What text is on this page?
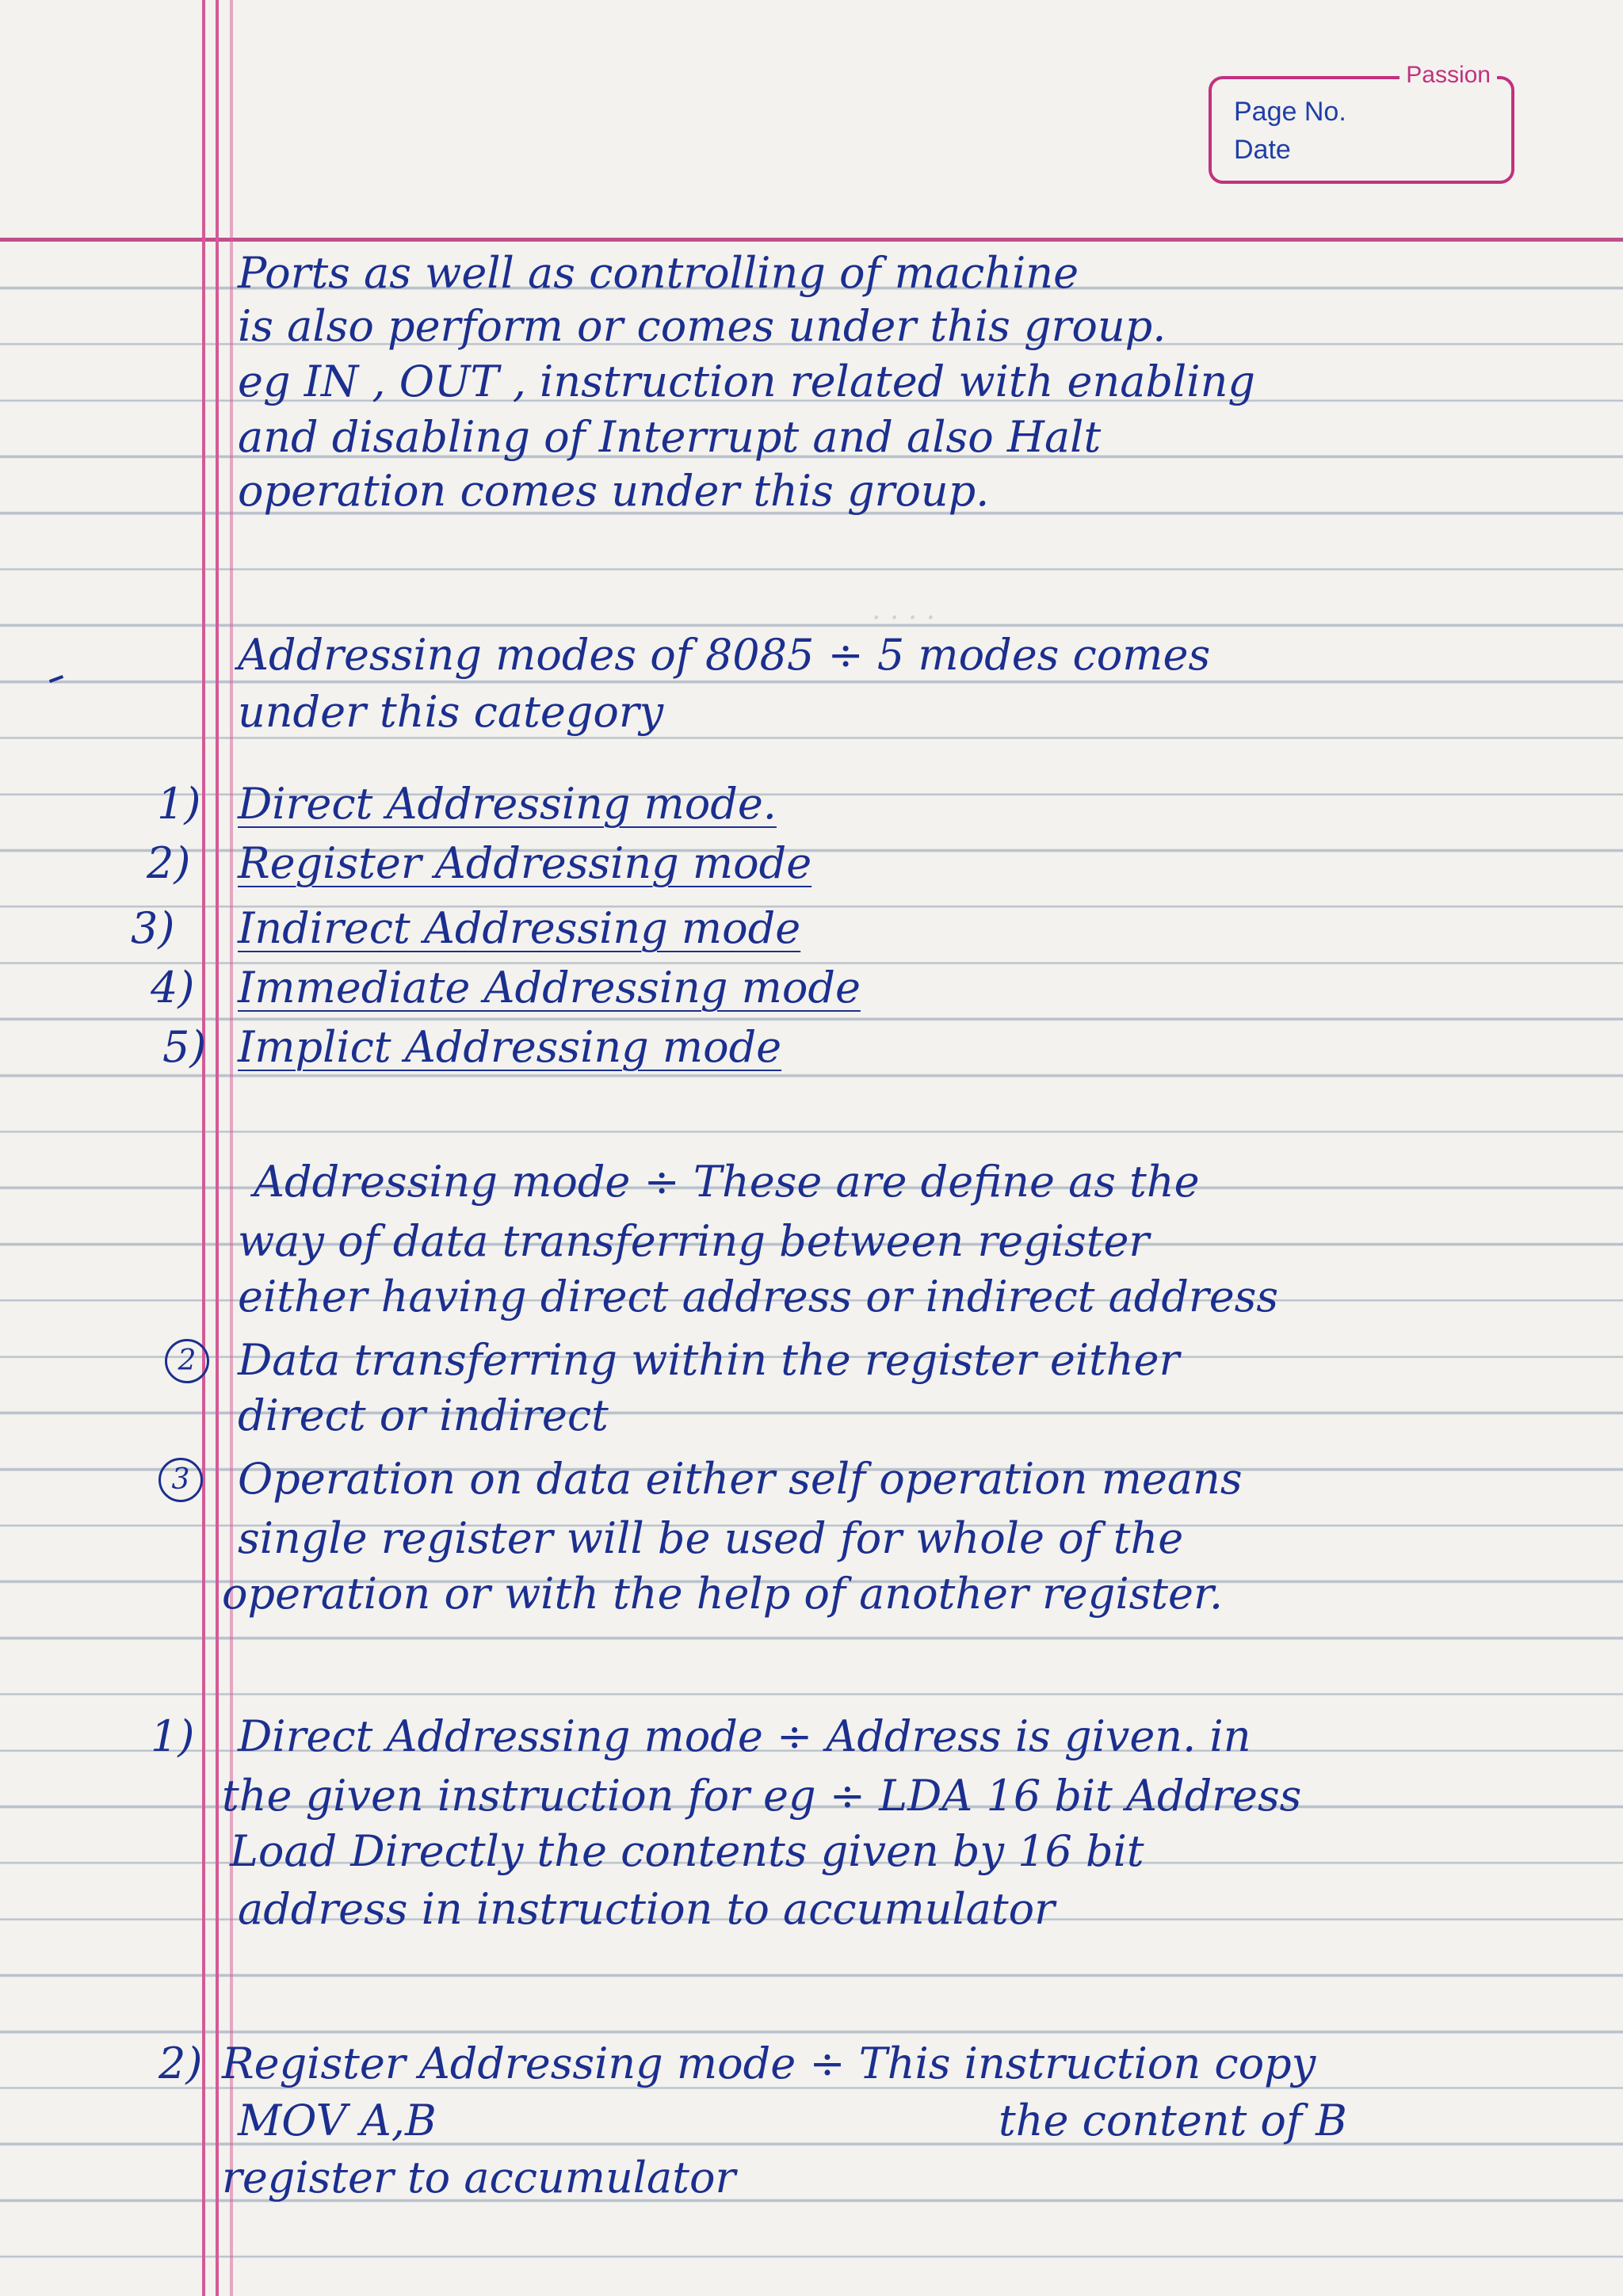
Passion
Page No.
Date
· · · ·
Ports as well as controlling of machine
is also perform or comes under this group.
eg IN , OUT , instruction related with enabling
and disabling of Interrupt and also Halt
operation comes under this group.
Addressing modes of 8085 ÷ 5 modes comes
under this category
1) Direct Addressing mode.
2) Register Addressing mode
3) Indirect Addressing mode
4) Immediate Addressing mode
5) Implict Addressing mode
Addressing mode ÷ These are define as the
way of data transferring between register
either having direct address or indirect address
2 Data transferring within the register either
direct or indirect
3	Operation on data either self operation means
single register will be used for whole of the
operation or with the help of another register.
1) Direct Addressing mode ÷ Address is given. in
the given instruction for eg ÷ LDA 16 bit Address
Load Directly the contents given by 16 bit
address in instruction to accumulator
2) Register Addressing mode ÷ This instruction copy
MOV A,B	the content of B
register to accumulator
